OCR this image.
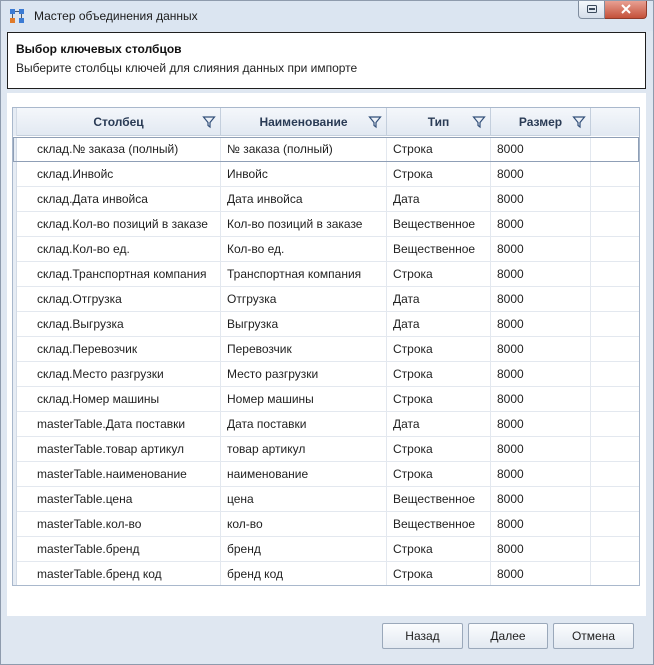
Мастер объединения данных
Выбор ключевых столбцов
Выберите столбцы ключей для слияния данных при импорте
Столбец	Наименование	Тип	Размер
склад.№ заказа (полный)	№ заказа (полный)	Строка	8000
склад.Инвойс	Инвойс	Строка	8000
склад.Дата инвойса	Дата инвойса	Дата	8000
склад.Кол-во позиций в заказе	Кол-во позиций в заказе	Вещественное	8000
склад.Кол-во ед.	Кол-во ед.	Вещественное	8000
склад.Транспортная компания	Транспортная компания	Строка	8000
склад.Отгрузка	Отгрузка	Дата	8000
склад.Выгрузка	Выгрузка	Дата	8000
склад.Перевозчик	Перевозчик	Строка	8000
склад.Место разгрузки	Место разгрузки	Строка	8000
склад.Номер машины	Номер машины	Строка	8000
masterTable.Дата поставки	Дата поставки	Дата	8000
masterTable.товар артикул	товар артикул	Строка	8000
masterTable.наименование	наименование	Строка	8000
masterTable.цена	цена	Вещественное	8000
masterTable.кол-во	кол-во	Вещественное	8000
masterTable.бренд	бренд	Строка	8000
masterTable.бренд код	бренд код	Строка	8000
Назад	Далее	Отмена
